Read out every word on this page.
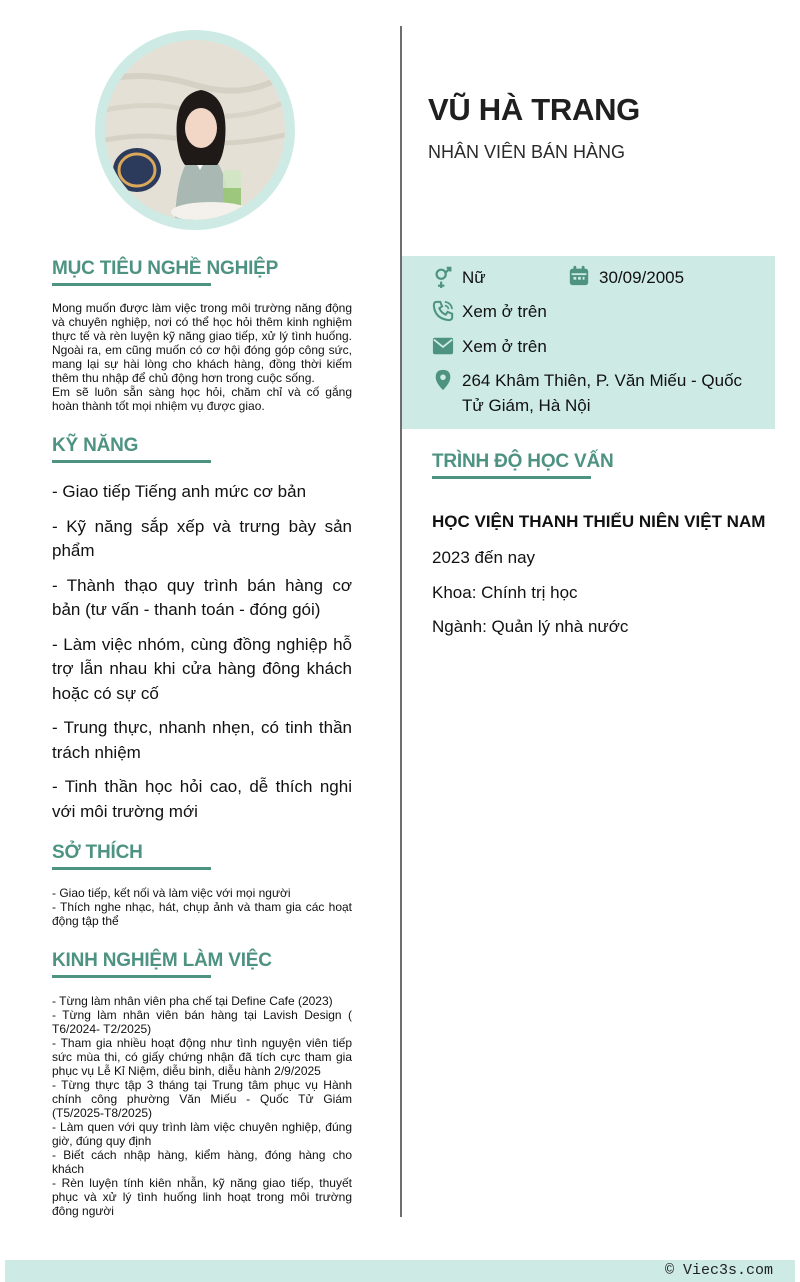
MỤC TIÊU NGHỀ NGHIỆP

Mong muốn được làm việc trong môi trường năng động và chuyên nghiệp, nơi có thể học hỏi thêm kinh nghiệm thực tế và rèn luyện kỹ năng giao tiếp, xử lý tình huống. Ngoài ra, em cũng muốn có cơ hội đóng góp công sức, mang lại sự hài lòng cho khách hàng, đồng thời kiếm thêm thu nhập để chủ động hơn trong cuộc sống.

Em sẽ luôn sẵn sàng học hỏi, chăm chỉ và cố gắng hoàn thành tốt mọi nhiệm vụ được giao.

KỸ NĂNG
- Giao tiếp Tiếng anh mức cơ bản
- Kỹ năng sắp xếp và trưng bày sản phẩm
- Thành thạo quy trình bán hàng cơ bản (tư vấn - thanh toán - đóng gói)
- Làm việc nhóm, cùng đồng nghiệp hỗ trợ lẫn nhau khi cửa hàng đông khách hoặc có sự cố
- Trung thực, nhanh nhẹn, có tinh thần trách nhiệm
- Tinh thần học hỏi cao, dễ thích nghi với môi trường mới
SỞ THÍCH

- Giao tiếp, kết nối và làm việc với mọi người

- Thích nghe nhạc, hát, chụp ảnh và tham gia các hoạt động tập thể

KINH NGHIỆM LÀM VIỆC

- Từng làm nhân viên pha chế tại Define Cafe (2023)

- Từng làm nhân viên bán hàng tại Lavish Design ( T6/2024- T2/2025)

- Tham gia nhiều hoạt động như tình nguyện viên tiếp sức mùa thi, có giấy chứng nhận đã tích cực tham gia phục vụ Lễ Kỉ Niệm, diễu binh, diễu hành 2/9/2025

- Từng thực tập 3 tháng tại Trung tâm phục vụ Hành chính công phường Văn Miếu - Quốc Tử Giám (T5/2025-T8/2025)

- Làm quen với quy trình làm việc chuyên nghiệp, đúng giờ, đúng quy định

- Biết cách nhập hàng, kiểm hàng, đóng hàng cho khách

- Rèn luyện tính kiên nhẫn, kỹ năng giao tiếp, thuyết phục và xử lý tình huống linh hoạt trong môi trường đông người

VŨ HÀ TRANG
NHÂN VIÊN BÁN HÀNG
Nữ	30/09/2005
Xem ở trên
Xem ở trên
264 Khâm Thiên, P. Văn Miếu - Quốc Tử Giám, Hà Nội
TRÌNH ĐỘ HỌC VẤN
HỌC VIỆN THANH THIẾU NIÊN VIỆT NAM
2023 đến nay
Khoa: Chính trị học
Ngành: Quản lý nhà nước
© Viec3s.com
